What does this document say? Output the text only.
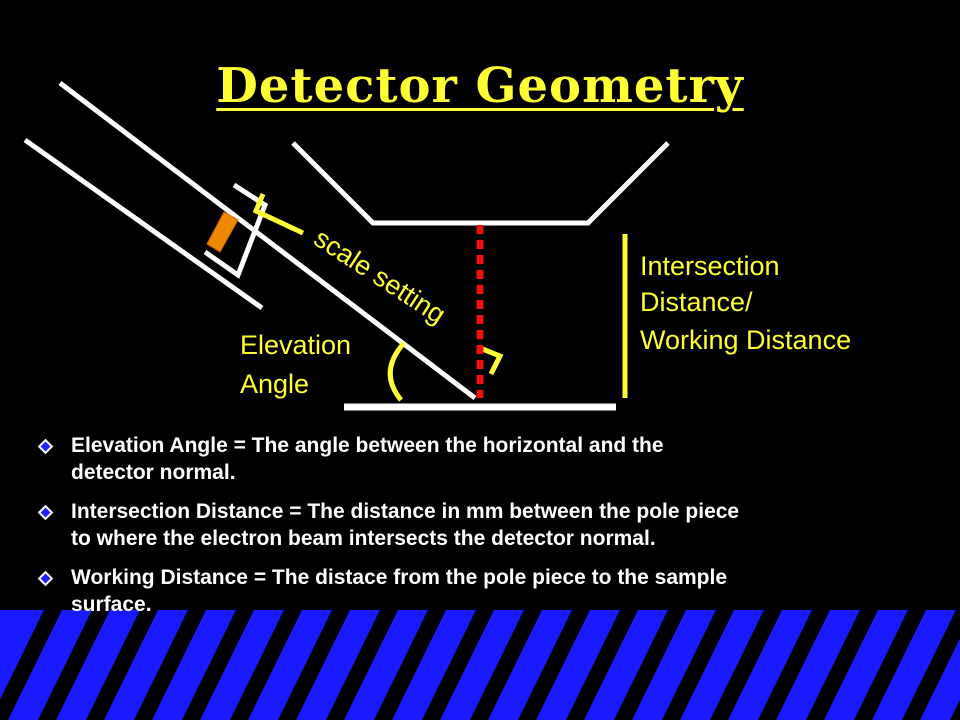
Detector Geometry
scale setting	Intersection
Distance/
Working Distance
Elevation
Angle
Elevation Angle = The angle between the horizontal and the
detector normal.
Intersection Distance = The distance in mm between the pole piece
to where the electron beam intersects the detector normal.
Working Distance = The distace from the pole piece to the sample
surface.
